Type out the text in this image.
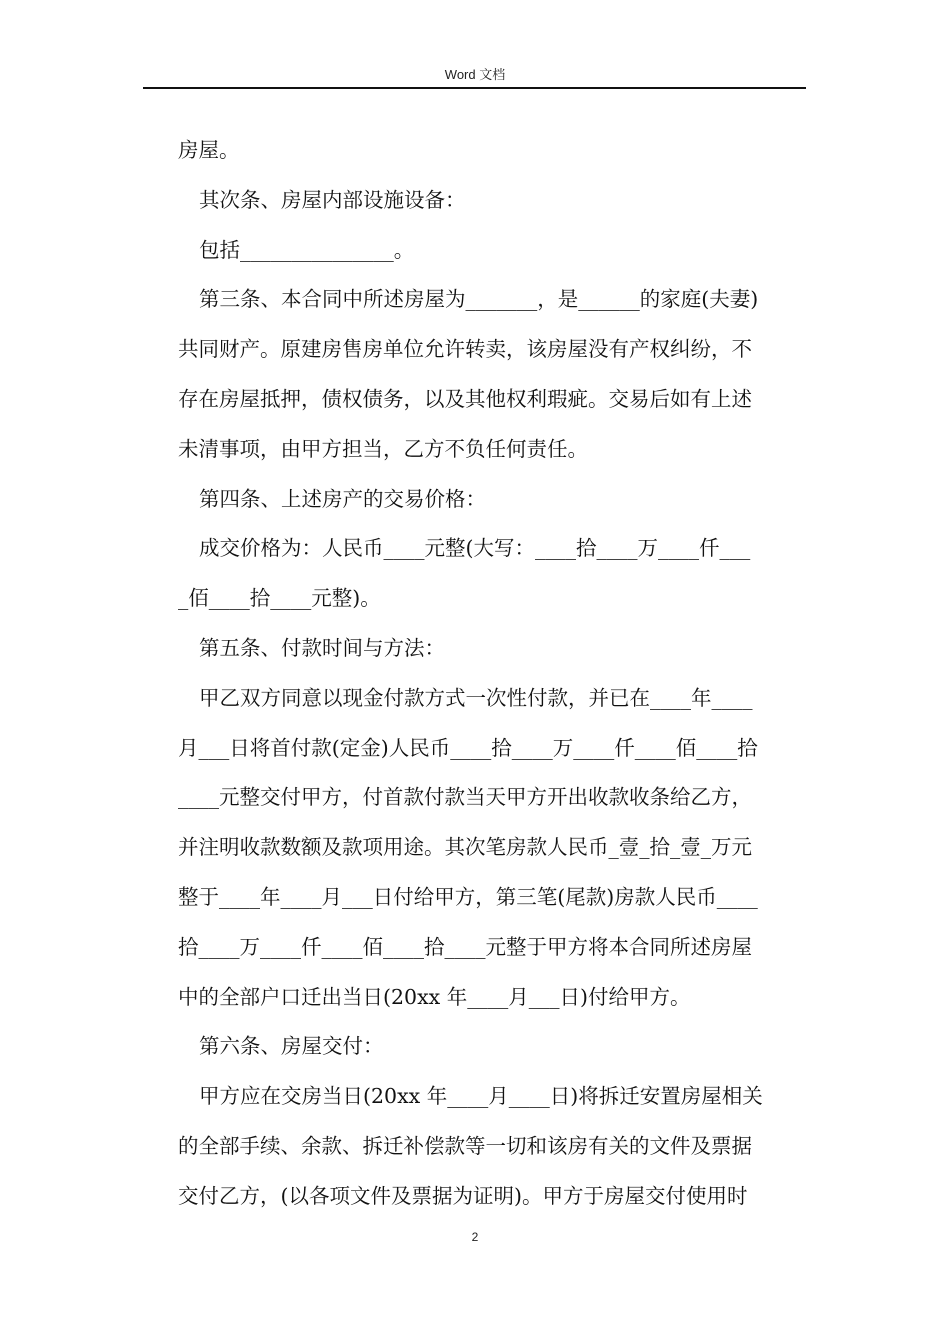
Word 文档
房屋。
其次条、房屋内部设施设备：
包括_______________。
第三条、本合同中所述房屋为_______，是______的家庭(夫妻)
共同财产。原建房售房单位允许转卖，该房屋没有产权纠纷，不
存在房屋抵押，债权债务，以及其他权利瑕疵。交易后如有上述
未清事项，由甲方担当，乙方不负任何责任。
第四条、上述房产的交易价格：
成交价格为：人民币____元整(大写：____拾____万____仟___
_佰____拾____元整)。
第五条、付款时间与方法：
甲乙双方同意以现金付款方式一次性付款，并已在____年____
月___日将首付款(定金)人民币____拾____万____仟____佰____拾
____元整交付甲方，付首款付款当天甲方开出收款收条给乙方，
并注明收款数额及款项用途。其次笔房款人民币_壹_拾_壹_万元
整于____年____月___日付给甲方，第三笔(尾款)房款人民币____
拾____万____仟____佰____拾____元整于甲方将本合同所述房屋
中的全部户口迁出当日(20xx 年____月___日)付给甲方。
第六条、房屋交付：
甲方应在交房当日(20xx 年____月____日)将拆迁安置房屋相关
的全部手续、余款、拆迁补偿款等一切和该房有关的文件及票据
交付乙方，(以各项文件及票据为证明)。甲方于房屋交付使用时
2
